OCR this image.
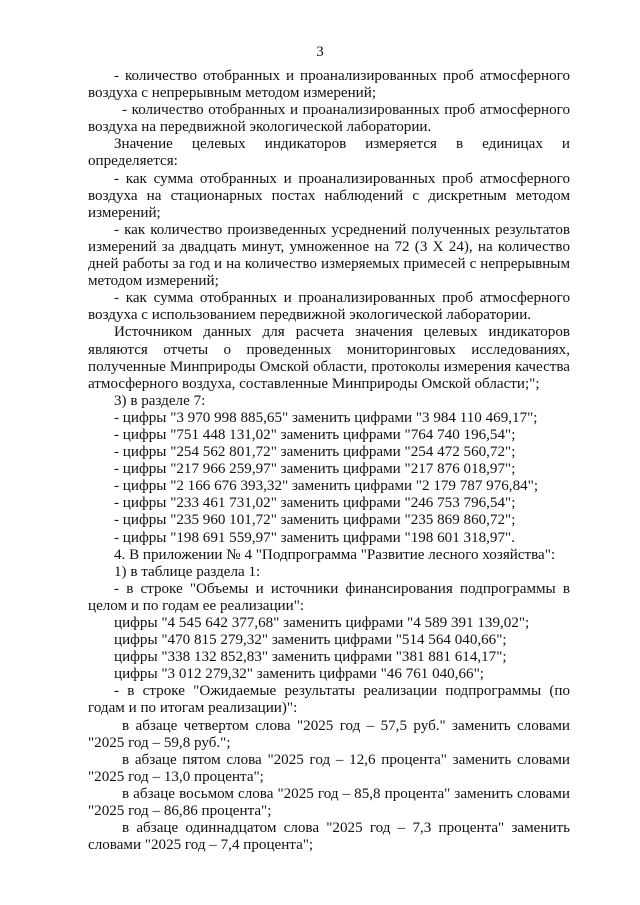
3

- количество отобранных и проанализированных проб атмосферного воздуха с непрерывным методом измерений;

- количество отобранных и проанализированных проб атмосферного воздуха на передвижной экологической лаборатории.

Значение целевых индикаторов измеряется в единицах и определяется:

- как сумма отобранных и проанализированных проб атмосферного воздуха на стационарных постах наблюдений с дискретным методом измерений;

- как количество произведенных усреднений полученных результатов измерений за двадцать минут, умноженное на 72 (3 Х 24), на количество дней работы за год и на количество измеряемых примесей с непрерывным методом измерений;

- как сумма отобранных и проанализированных проб атмосферного воздуха с использованием передвижной экологической лаборатории.

Источником данных для расчета значения целевых индикаторов являются отчеты о проведенных мониторинговых исследованиях, полученные Минприроды Омской области, протоколы измерения качества атмосферного воздуха, составленные Минприроды Омской области;";

3) в разделе 7:

- цифры "3 970 998 885,65" заменить цифрами "3 984 110 469,17";

- цифры "751 448 131,02" заменить цифрами "764 740 196,54";

- цифры "254 562 801,72" заменить цифрами "254 472 560,72";

- цифры "217 966 259,97" заменить цифрами "217 876 018,97";

- цифры "2 166 676 393,32" заменить цифрами "2 179 787 976,84";

- цифры "233 461 731,02" заменить цифрами "246 753 796,54";

- цифры "235 960 101,72" заменить цифрами "235 869 860,72";

- цифры "198 691 559,97" заменить цифрами "198 601 318,97".

4. В приложении № 4 "Подпрограмма "Развитие лесного хозяйства":

1) в таблице раздела 1:

- в строке "Объемы и источники финансирования подпрограммы в целом и по годам ее реализации":

цифры "4 545 642 377,68" заменить цифрами "4 589 391 139,02";

цифры "470 815 279,32" заменить цифрами "514 564 040,66";

цифры "338 132 852,83" заменить цифрами "381 881 614,17";

цифры "3 012 279,32" заменить цифрами "46 761 040,66";

- в строке "Ожидаемые результаты реализации подпрограммы (по годам и по итогам реализации)":

в абзаце четвертом слова "2025 год – 57,5 руб." заменить словами "2025 год – 59,8 руб.";

в абзаце пятом слова "2025 год – 12,6 процента" заменить словами "2025 год – 13,0 процента";

в абзаце восьмом слова "2025 год – 85,8 процента" заменить словами "2025 год – 86,86 процента";

в абзаце одиннадцатом слова "2025 год – 7,3 процента" заменить словами "2025 год – 7,4 процента";
